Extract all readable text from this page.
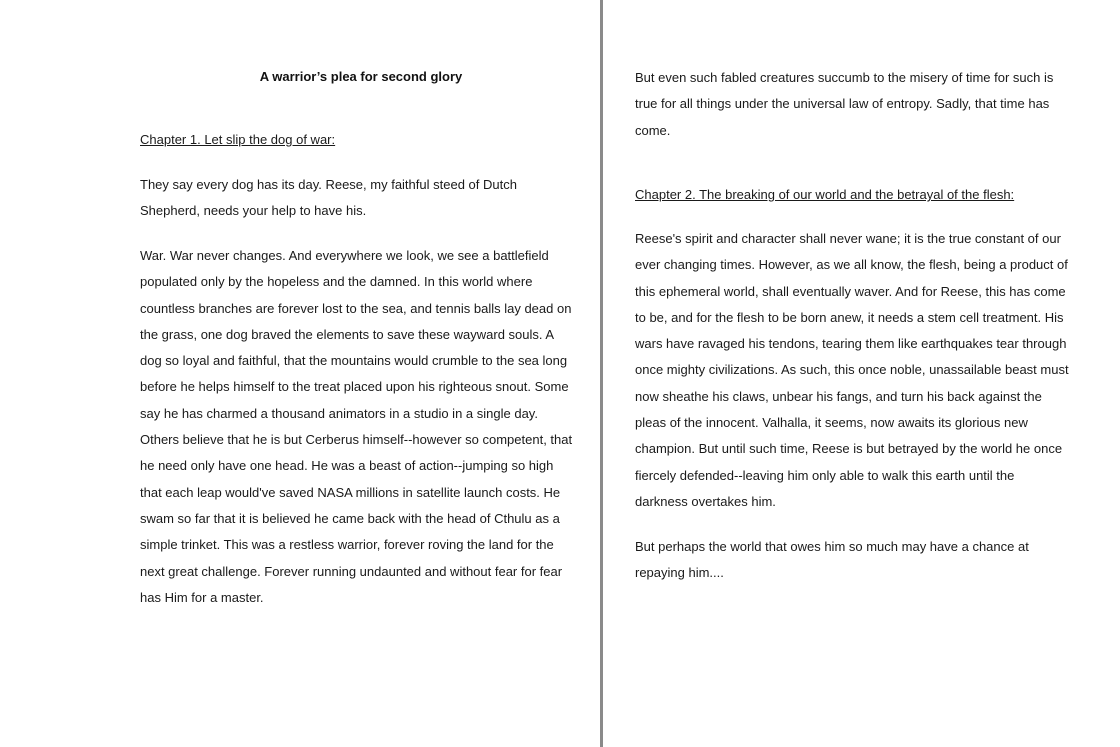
A warrior’s plea for second glory

Chapter 1. Let slip the dog of war:

They say every dog has its day. Reese, my faithful steed of Dutch
Shepherd, needs your help to have his.

War. War never changes. And everywhere we look, we see a battlefield
populated only by the hopeless and the damned. In this world where
countless branches are forever lost to the sea, and tennis balls lay dead on
the grass, one dog braved the elements to save these wayward souls. A
dog so loyal and faithful, that the mountains would crumble to the sea long
before he helps himself to the treat placed upon his righteous snout. Some
say he has charmed a thousand animators in a studio in a single day.
Others believe that he is but Cerberus himself--however so competent, that
he need only have one head. He was a beast of action--jumping so high
that each leap would've saved NASA millions in satellite launch costs. He
swam so far that it is believed he came back with the head of Cthulu as a
simple trinket. This was a restless warrior, forever roving the land for the
next great challenge. Forever running undaunted and without fear for fear
has Him for a master.

But even such fabled creatures succumb to the misery of time for such is
true for all things under the universal law of entropy. Sadly, that time has
come.

Chapter 2. The breaking of our world and the betrayal of the flesh:

Reese's spirit and character shall never wane; it is the true constant of our
ever changing times. However, as we all know, the flesh, being a product of
this ephemeral world, shall eventually waver. And for Reese, this has come
to be, and for the flesh to be born anew, it needs a stem cell treatment. His
wars have ravaged his tendons, tearing them like earthquakes tear through
once mighty civilizations. As such, this once noble, unassailable beast must
now sheathe his claws, unbear his fangs, and turn his back against the
pleas of the innocent. Valhalla, it seems, now awaits its glorious new
champion. But until such time, Reese is but betrayed by the world he once
fiercely defended--leaving him only able to walk this earth until the
darkness overtakes him.

But perhaps the world that owes him so much may have a chance at
repaying him....
